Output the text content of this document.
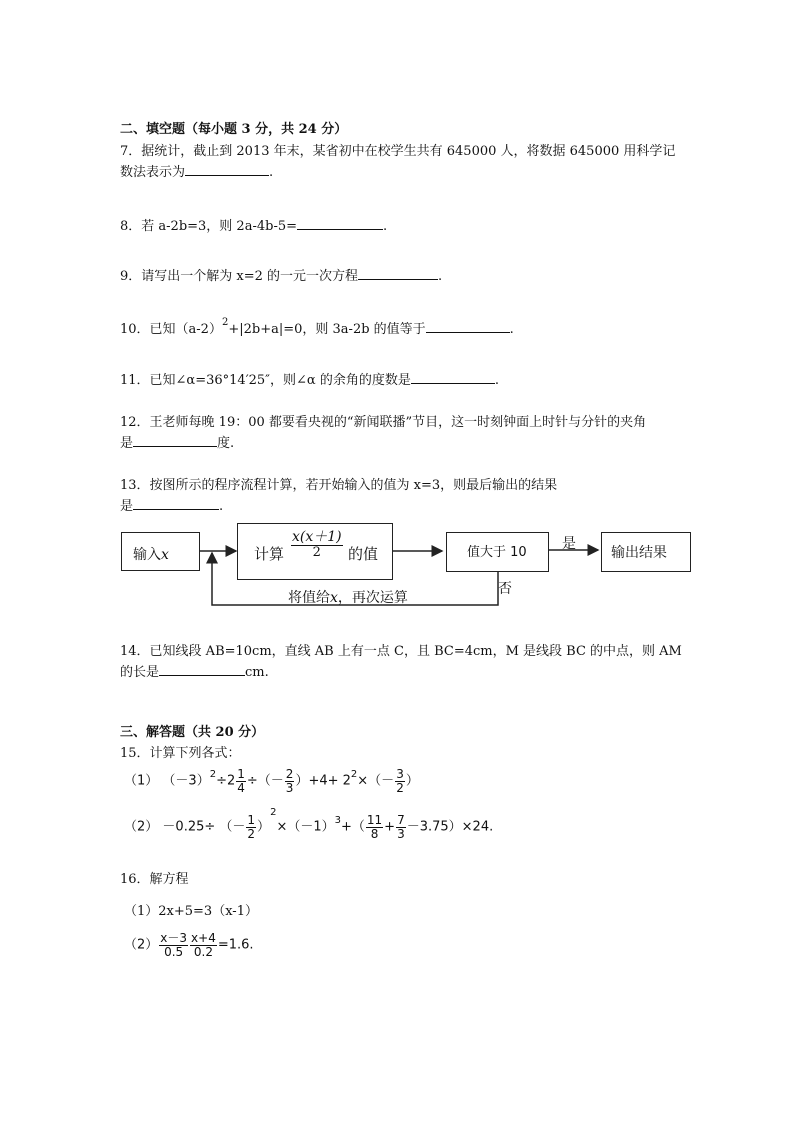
二、填空题（每小题 3 分，共 24 分）
7．据统计，截止到 2013 年末，某省初中在校学生共有 645000 人，将数据 645000 用科学记
数法表示为	.
8．若 a-2b=3，则 2a-4b-5=	.
9．请写出一个解为 x=2 的一元一次方程	.
10．已知$(a-2)^2+|2b+a|=0$，则 3a-2b 的值等于	.
11．已知∠α=36°14′25″，则∠α 的余角的度数是	.
12．王老师每晚 19：00 都要看央视的“新闻联播”节目，这一时刻钟面上时针与分针的夹角
是	度.
13．按图所示的程序流程计算，若开始输入的值为 x=3，则最后输出的结果
是	.
输入x	计算 $\frac{x(x+1)}{2}$ 的值	值大于 10	输出结果
是
否
将值给x，再次运算
14．已知线段 AB=10cm，直线 AB 上有一点 C，且 BC=4cm，M 是线段 BC 的中点，则 AM
的长是	cm.
三、解答题（共 20 分）
15．计算下列各式：
（1） $(-3)^2\div 2 \frac{1}{4}$ ÷（－ $\frac{2}{3} )+4+ 2^2\times(- \frac{3}{2}$ ）
（2） －0.25÷ （－ $\frac{1}{2} )^2\times(-1)^3+( \frac{11}{8} + \frac{7}{3} -3.75)\times 24$.
16．解方程
（1）2x+5=3（x-1）
$(2) \frac{x-3}{0.5} \frac{x+4}{0.2} =1.6$.
